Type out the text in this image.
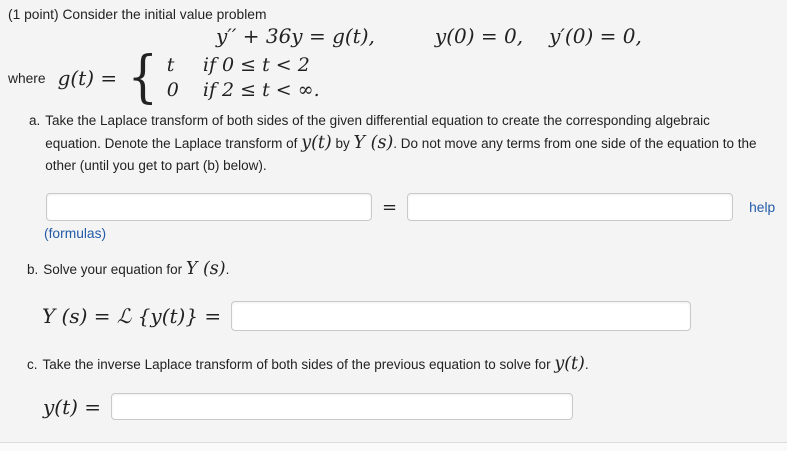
(1 point) Consider the initial value problem
y′′ + 36y = g(t),	y(0) = 0, y′(0) = 0,
where g(t) = { t if 0 ≤ t < 2
0 if 2 ≤ t < ∞.
a. Take the Laplace transform of both sides of the given differential equation to create the corresponding algebraic equation. Denote the Laplace transform of y(t) by Y (s). Do not move any terms from one side of the equation to the other (until you get to part (b) below).
=	help
(formulas)
b. Solve your equation for Y (s).
Y (s) = ℒ {y(t)} =
c. Take the inverse Laplace transform of both sides of the previous equation to solve for y(t).
y(t) =
